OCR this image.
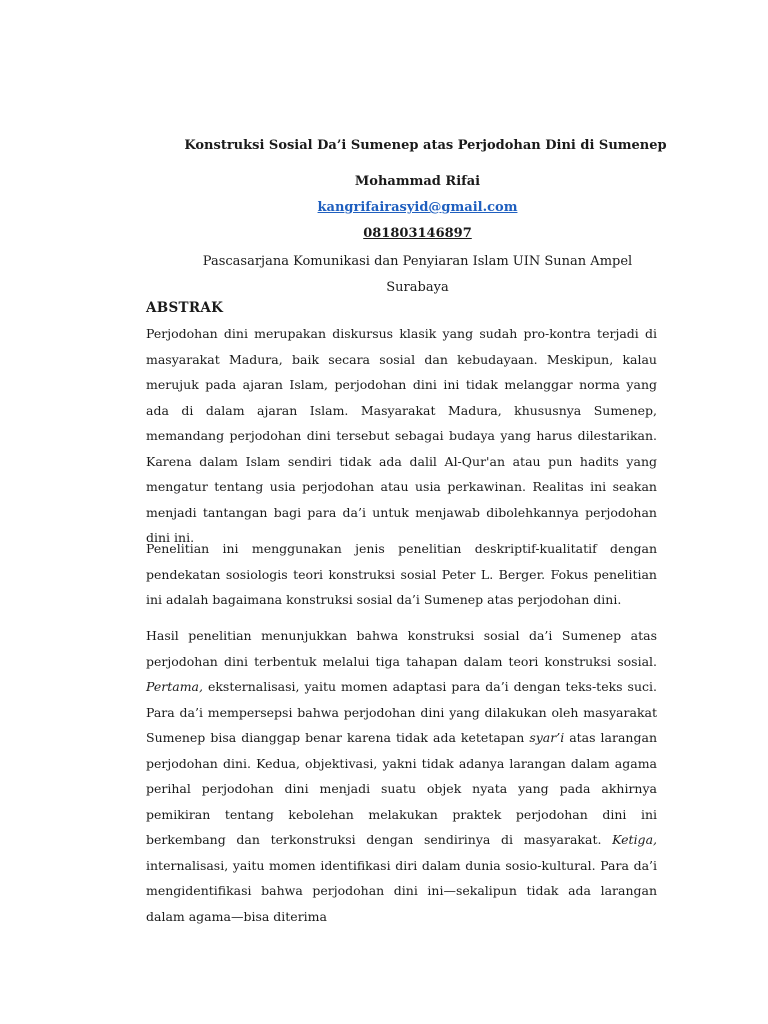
Konstruksi Sosial Da’i Sumenep atas Perjodohan Dini di Sumenep
Mohammad Rifai
kangrifairasyid@gmail.com
081803146897
Pascasarjana Komunikasi dan Penyiaran Islam UIN Sunan Ampel
Surabaya
ABSTRAK

Perjodohan dini merupakan diskursus klasik yang sudah pro-kontra terjadi di masyarakat Madura, baik secara sosial dan kebudayaan. Meskipun, kalau merujuk pada ajaran Islam, perjodohan dini ini tidak melanggar norma yang ada di dalam ajaran Islam. Masyarakat Madura, khususnya Sumenep, memandang perjodohan dini tersebut sebagai budaya yang harus dilestarikan. Karena dalam Islam sendiri tidak ada dalil Al-Qur'an atau pun hadits yang mengatur tentang usia perjodohan atau usia perkawinan. Realitas ini seakan menjadi tantangan bagi para da’i untuk menjawab dibolehkannya perjodohan dini ini.

Penelitian ini menggunakan jenis penelitian deskriptif-kualitatif dengan pendekatan sosiologis teori konstruksi sosial Peter L. Berger. Fokus penelitian ini adalah bagaimana konstruksi sosial da’i Sumenep atas perjodohan dini.

Hasil penelitian menunjukkan bahwa konstruksi sosial da’i Sumenep atas perjodohan dini terbentuk melalui tiga tahapan dalam teori konstruksi sosial. Pertama, eksternalisasi, yaitu momen adaptasi para da’i dengan teks-teks suci. Para da’i mempersepsi bahwa perjodohan dini yang dilakukan oleh masyarakat Sumenep bisa dianggap benar karena tidak ada ketetapan syar’i atas larangan perjodohan dini. Kedua, objektivasi, yakni tidak adanya larangan dalam agama perihal perjodohan dini menjadi suatu objek nyata yang pada akhirnya pemikiran tentang kebolehan melakukan praktek perjodohan dini ini berkembang dan terkonstruksi dengan sendirinya di masyarakat. Ketiga, internalisasi, yaitu momen identifikasi diri dalam dunia sosio-kultural. Para da’i mengidentifikasi bahwa perjodohan dini ini—sekalipun tidak ada larangan dalam agama—bisa diterima
